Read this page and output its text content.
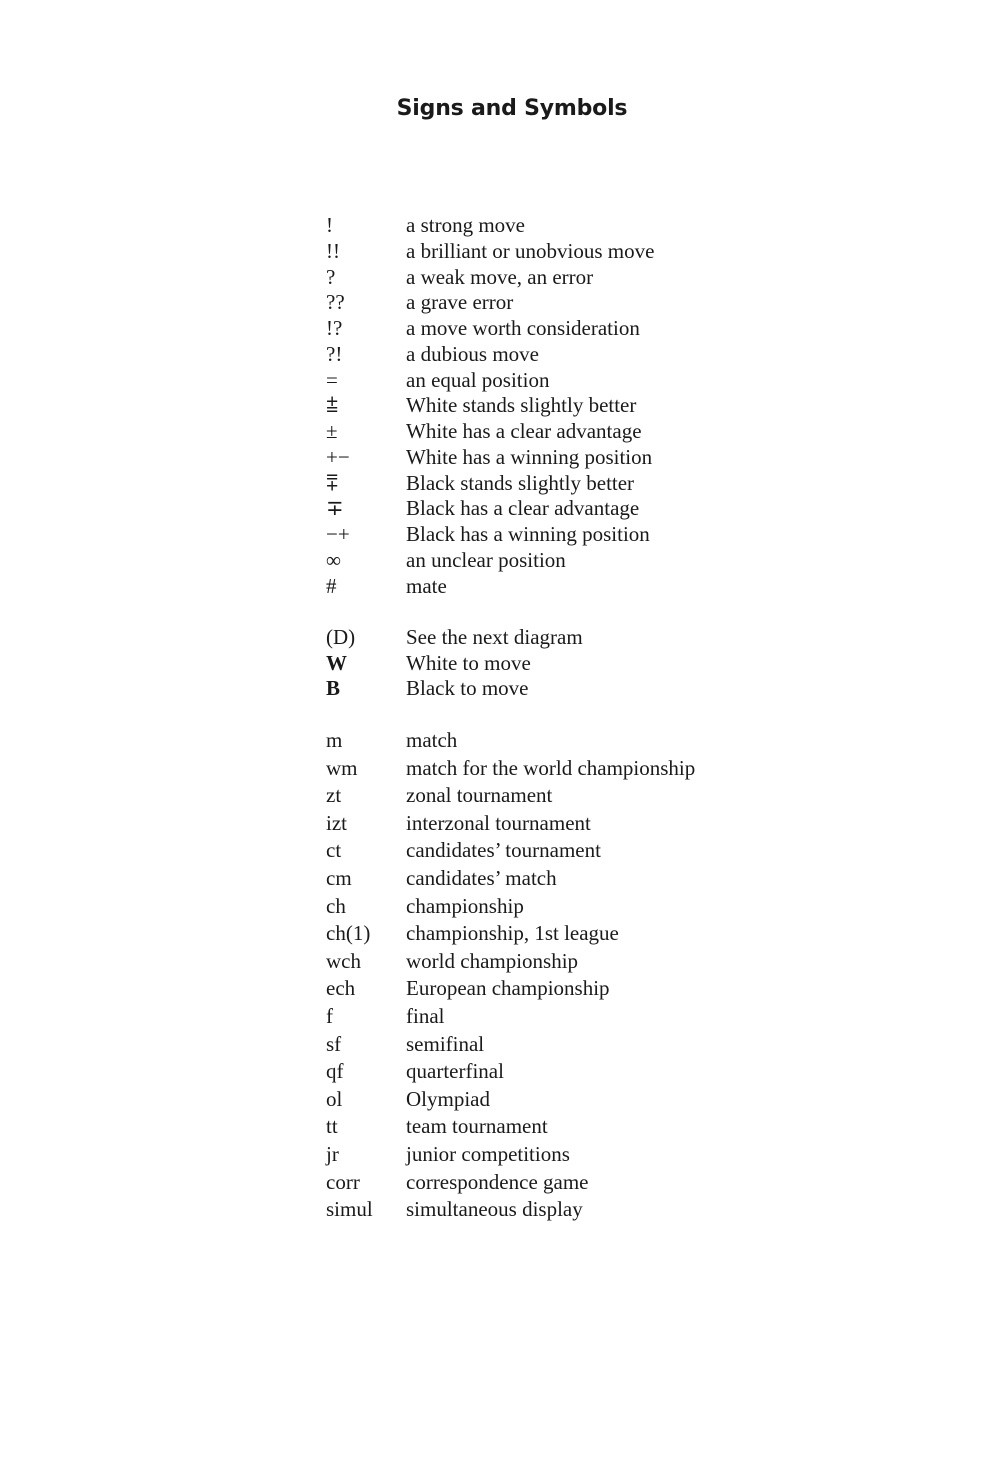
Signs and Symbols
!	a strong move
!!	a brilliant or unobvious move
?	a weak move, an error
??	a grave error
!?	a move worth consideration
?!	a dubious move
=	an equal position
⩲	White stands slightly better
±	White has a clear advantage
+−	White has a winning position
⩱	Black stands slightly better
∓	Black has a clear advantage
−+	Black has a winning position
∞	an unclear position
#	mate
(D) See the next diagram
W	White to move
B	Black to move
m	match
wm match for the world championship
zt	zonal tournament
izt	interzonal tournament
ct	candidates’ tournament
cm	candidates’ match
ch	championship
ch(1) championship, 1st league
wch world championship
ech European championship
f	final
sf	semifinal
qf	quarterfinal
ol	Olympiad
tt	team tournament
jr	junior competitions
corr correspondence game
simul simultaneous display
